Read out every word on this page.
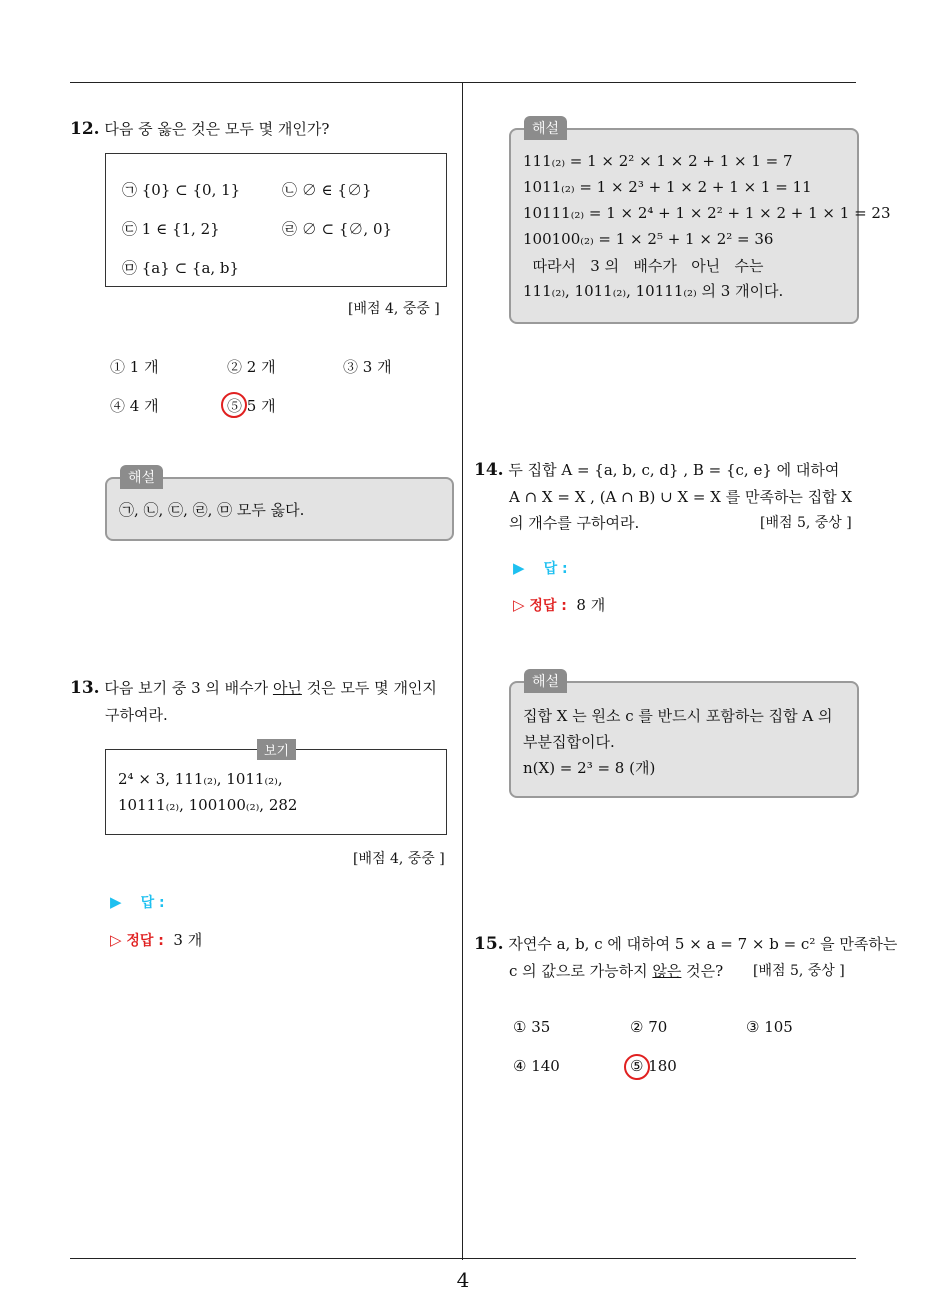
12. 다음 중 옳은 것은 모두 몇 개인가?
㉠ {0} ⊂ {0, 1}	㉡ ∅ ∈ {∅}
㉢ 1 ∈ {1, 2}	㉣ ∅ ⊂ {∅, 0}
㉤ {a} ⊂ {a, b}
[배점 4, 중중 ]
① 1 개	② 2 개	③ 3 개
④ 4 개	⑤ 5 개
㉠, ㉡, ㉢, ㉣, ㉤ 모두 옳다.
해설
13. 다음 보기 중 3 의 배수가 아닌 것은 모두 몇 개인지
구하여라.
2⁴ × 3, 111₍₂₎, 1011₍₂₎,
10111₍₂₎, 100100₍₂₎, 282
보기
[배점 4, 중중 ]
▶ 답 :
▷ 정답 : 3 개
111₍₂₎ = 1 × 2² × 1 × 2 + 1 × 1 = 7
1011₍₂₎ = 1 × 2³ + 1 × 2 + 1 × 1 = 11
10111₍₂₎ = 1 × 2⁴ + 1 × 2² + 1 × 2 + 1 × 1 = 23
100100₍₂₎ = 1 × 2⁵ + 1 × 2² = 36
따라서   3 의   배수가   아닌   수는
111₍₂₎, 1011₍₂₎, 10111₍₂₎ 의 3 개이다.
해설
14. 두 집합 A = {a, b, c, d} , B = {c, e} 에 대하여
A ∩ X = X , (A ∩ B) ∪ X = X 를 만족하는 집합 X
의 개수를 구하여라.	[배점 5, 중상 ]
▶ 답 :
▷ 정답 : 8 개
집합 X 는 원소 c 를 반드시 포함하는 집합 A 의
부분집합이다.
n(X) = 2³ = 8 (개)
해설
15. 자연수 a, b, c 에 대하여 5 × a = 7 × b = c² 을 만족하는
c 의 값으로 가능하지 않은 것은? [배점 5, 중상 ]
① 35	② 70	③ 105
④ 140	⑤ 180
4
